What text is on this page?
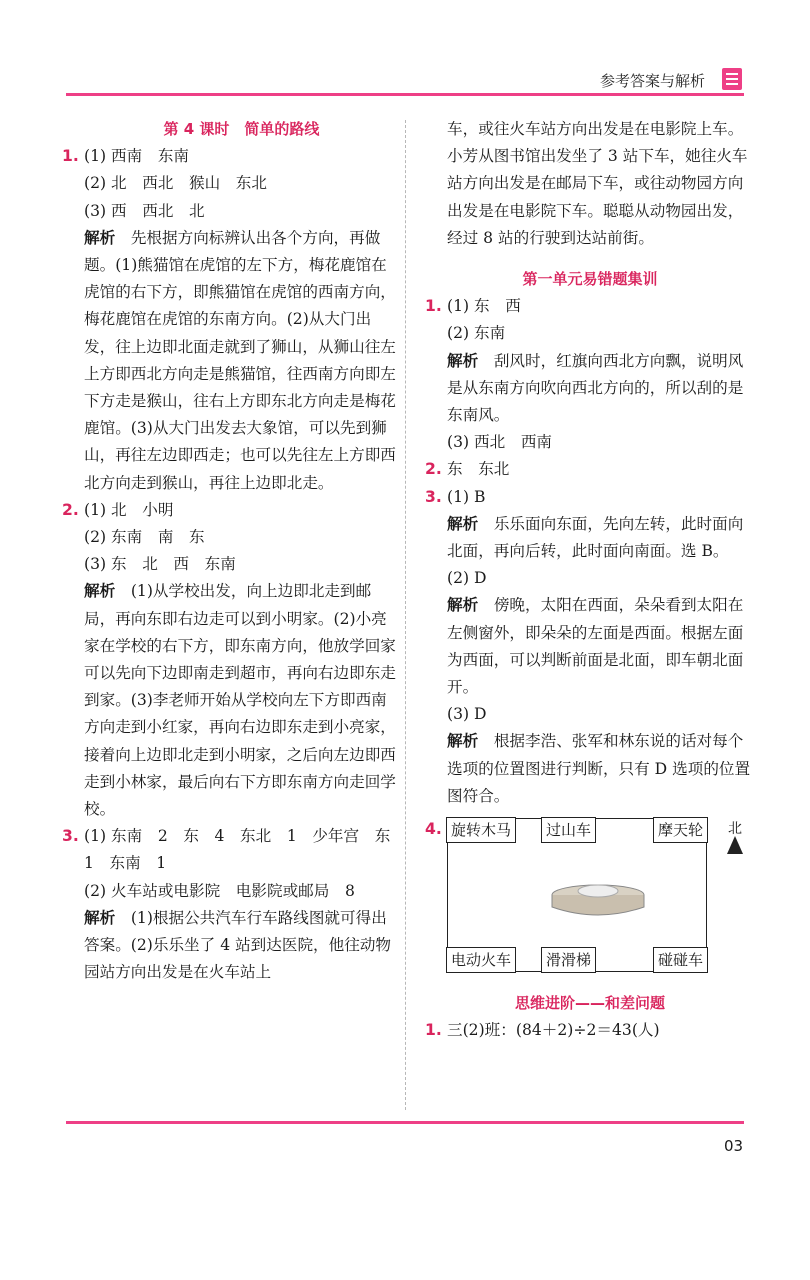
参考答案与解析
第 4 课时　简单的路线
1. (1) 西南　东南
(2) 北　西北　猴山　东北
(3) 西　西北　北
解析　 先根据方向标辨认出各个方向，再做题。(1)熊猫馆在虎馆的左下方，梅花鹿馆在虎馆的右下方，即熊猫馆在虎馆的西南方向，梅花鹿馆在虎馆的东南方向。(2)从大门出发，往上边即北面走就到了狮山，从狮山往左上方即西北方向走是熊猫馆，往西南方向即左下方走是猴山，往右上方即东北方向走是梅花鹿馆。(3)从大门出发去大象馆，可以先到狮山，再往左边即西走；也可以先往左上方即西北方向走到猴山，再往上边即北走。
2. (1) 北　小明
(2) 东南　南　东
(3) 东　北　西　东南
解析　 (1)从学校出发，向上边即北走到邮局，再向东即右边走可以到小明家。(2)小亮家在学校的右下方，即东南方向，他放学回家可以先向下边即南走到超市，再向右边即东走到家。(3)李老师开始从学校向左下方即西南方向走到小红家，再向右边即东走到小亮家，接着向上边即北走到小明家，之后向左边即西走到小林家，最后向右下方即东南方向走回学校。
3. (1) 东南　2　东　4　东北　1　少年宫　东　1　东南　1
(2) 火车站或电影院　电影院或邮局　8
解析　 (1)根据公共汽车行车路线图就可得出答案。(2)乐乐坐了 4 站到达医院，他往动物园站方向出发是在火车站上
车，或往火车站方向出发是在电影院上车。小芳从图书馆出发坐了 3 站下车，她往火车站方向出发是在邮局下车，或往动物园方向出发是在电影院下车。聪聪从动物园出发，经过 8 站的行驶到达站前街。
第一单元易错题集训
1. (1) 东　西
(2) 东南
解析　 刮风时，红旗向西北方向飘，说明风是从东南方向吹向西北方向的，所以刮的是东南风。
(3) 西北　西南
2. 东　东北
3. (1) B
解析　 乐乐面向东面，先向左转，此时面向北面，再向后转，此时面向南面。选 B。
(2) D
解析　 傍晚，太阳在西面，朵朵看到太阳在左侧窗外，即朵朵的左面是西面。根据左面为西面，可以判断前面是北面，即车朝北面开。
(3) D
解析　 根据李浩、张军和林东说的话对每个选项的位置图进行判断，只有 D 选项的位置图符合。
4. 旋转木马	过山车	摩天轮
电动火车	滑滑梯	碰碰车
北
思维进阶——和差问题
1. 三(2)班：(84＋2)÷2＝43(人)
03
